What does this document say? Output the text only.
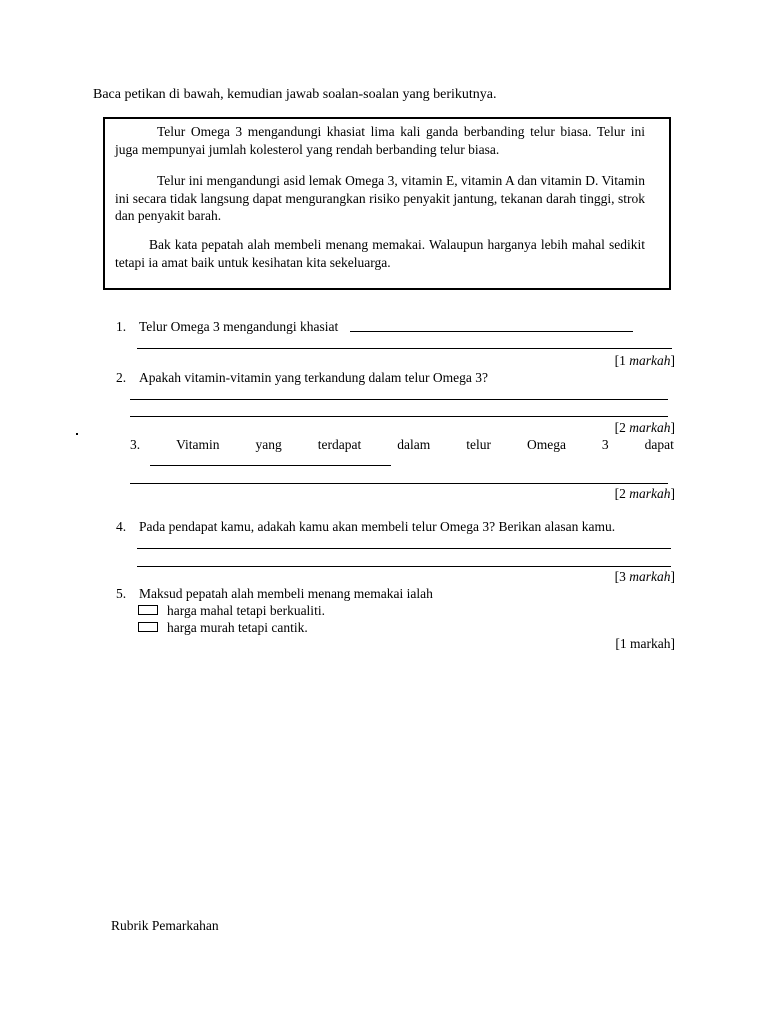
Baca petikan di bawah, kemudian jawab soalan-soalan yang berikutnya.
Telur Omega 3 mengandungi khasiat lima kali ganda berbanding telur biasa. Telur ini juga mempunyai jumlah kolesterol yang rendah berbanding telur biasa.
Telur ini mengandungi asid lemak Omega 3, vitamin E, vitamin A dan vitamin D. Vitamin ini secara tidak langsung dapat mengurangkan risiko penyakit jantung, tekanan darah tinggi, strok dan penyakit barah.
Bak kata pepatah alah membeli menang memakai. Walaupun harganya lebih mahal sedikit tetapi ia amat baik untuk kesihatan kita sekeluarga.
1. Telur Omega 3 mengandungi khasiat
[1 markah]
2. Apakah vitamin-vitamin yang terkandung dalam telur Omega 3?
[2 markah]
3.	Vitamin	yang	terdapat	dalam	telur	Omega	3	dapat
[2 markah]
4. Pada pendapat kamu, adakah kamu akan membeli telur Omega 3? Berikan alasan kamu.
[3 markah]
5. Maksud pepatah alah membeli menang memakai ialah
harga mahal tetapi berkualiti.
harga murah tetapi cantik.
[1 markah]
Rubrik Pemarkahan
